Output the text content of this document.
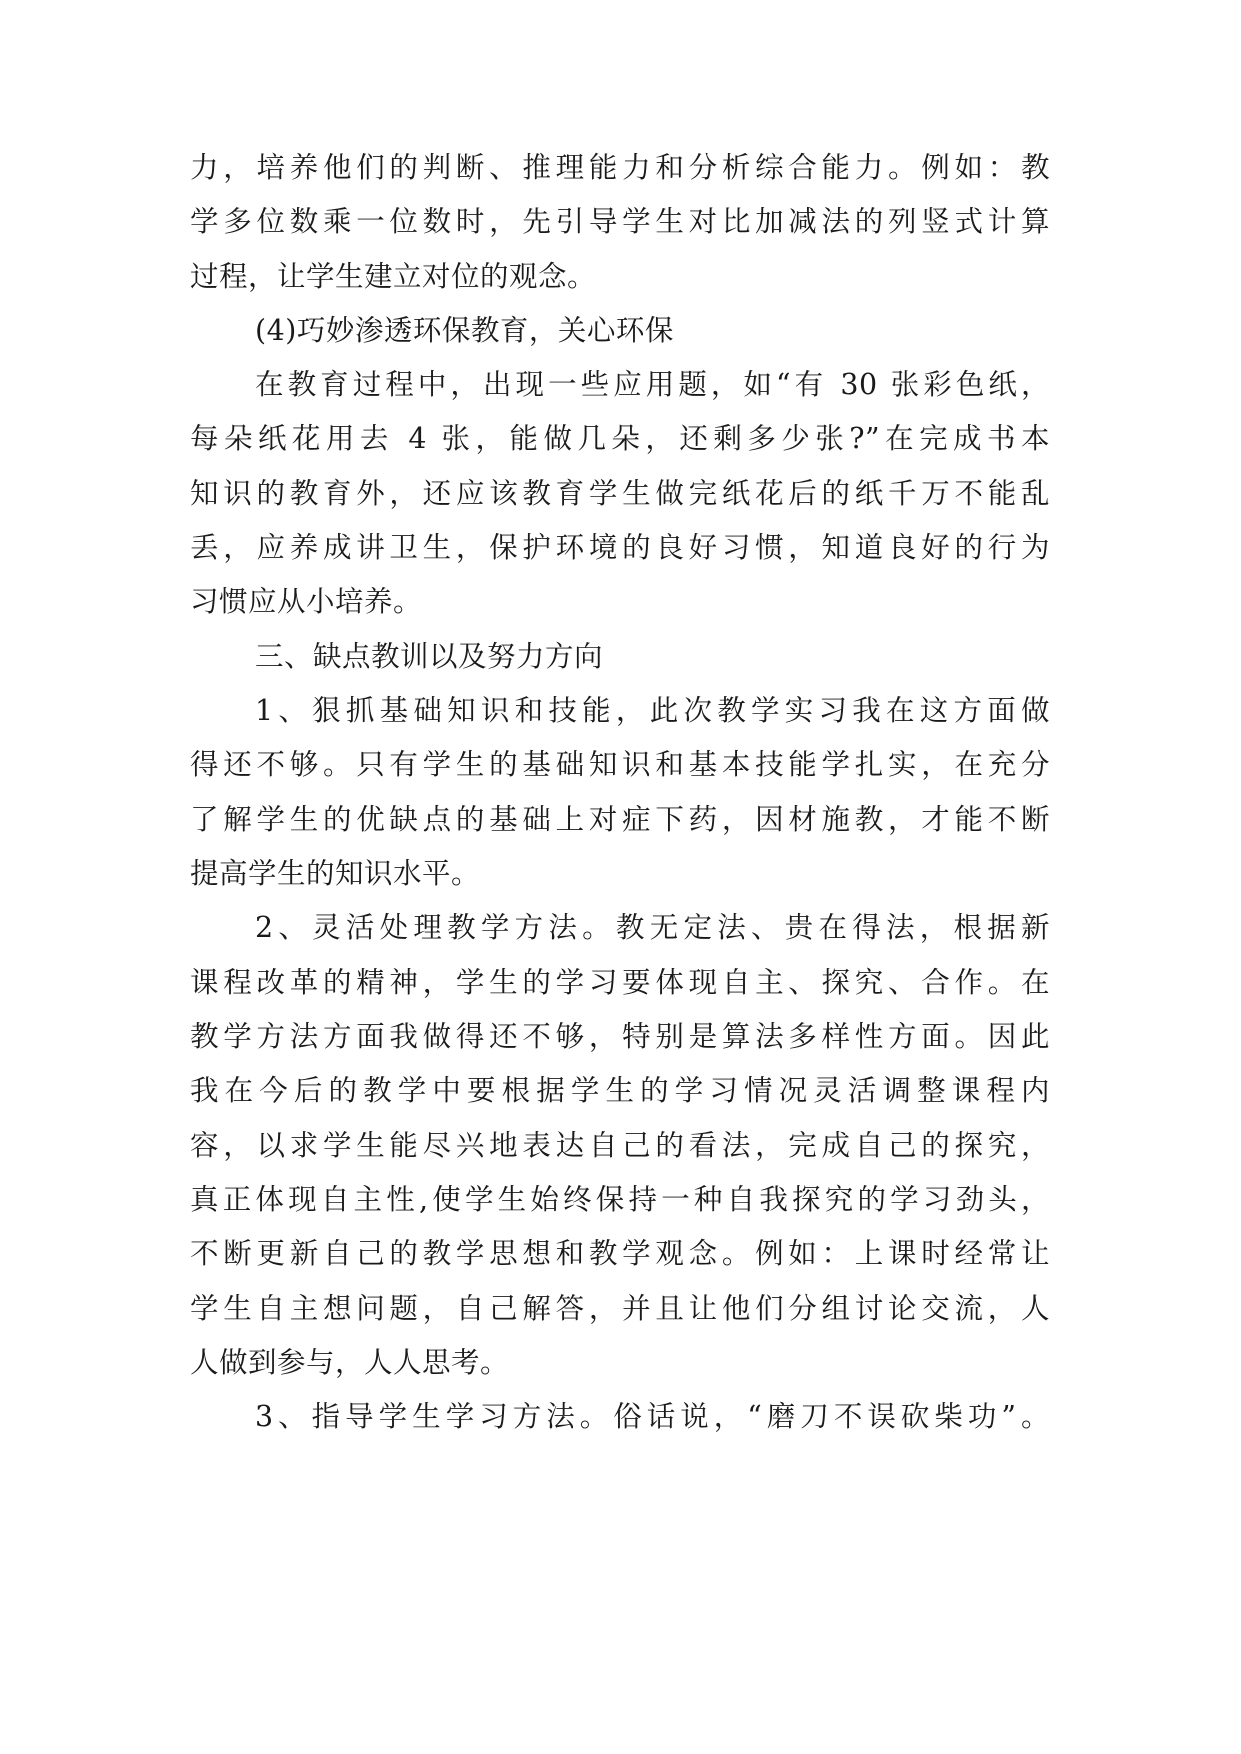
力，培养他们的判断、推理能力和分析综合能力。例如：教
学多位数乘一位数时，先引导学生对比加减法的列竖式计算
过程，让学生建立对位的观念。
(4)巧妙渗透环保教育，关心环保
在教育过程中，出现一些应用题，如“有 30 张彩色纸，
每朵纸花用去 4 张，能做几朵，还剩多少张?”在完成书本
知识的教育外，还应该教育学生做完纸花后的纸千万不能乱
丢，应养成讲卫生，保护环境的良好习惯，知道良好的行为
习惯应从小培养。
三、缺点教训以及努力方向
1、狠抓基础知识和技能，此次教学实习我在这方面做
得还不够。只有学生的基础知识和基本技能学扎实，在充分
了解学生的优缺点的基础上对症下药，因材施教，才能不断
提高学生的知识水平。
2、灵活处理教学方法。教无定法、贵在得法，根据新
课程改革的精神，学生的学习要体现自主、探究、合作。在
教学方法方面我做得还不够，特别是算法多样性方面。因此
我在今后的教学中要根据学生的学习情况灵活调整课程内
容，以求学生能尽兴地表达自己的看法，完成自己的探究，
真正体现自主性,使学生始终保持一种自我探究的学习劲头，
不断更新自己的教学思想和教学观念。例如：上课时经常让
学生自主想问题，自己解答，并且让他们分组讨论交流，人
人做到参与，人人思考。
3、指导学生学习方法。俗话说，“磨刀不误砍柴功”。
